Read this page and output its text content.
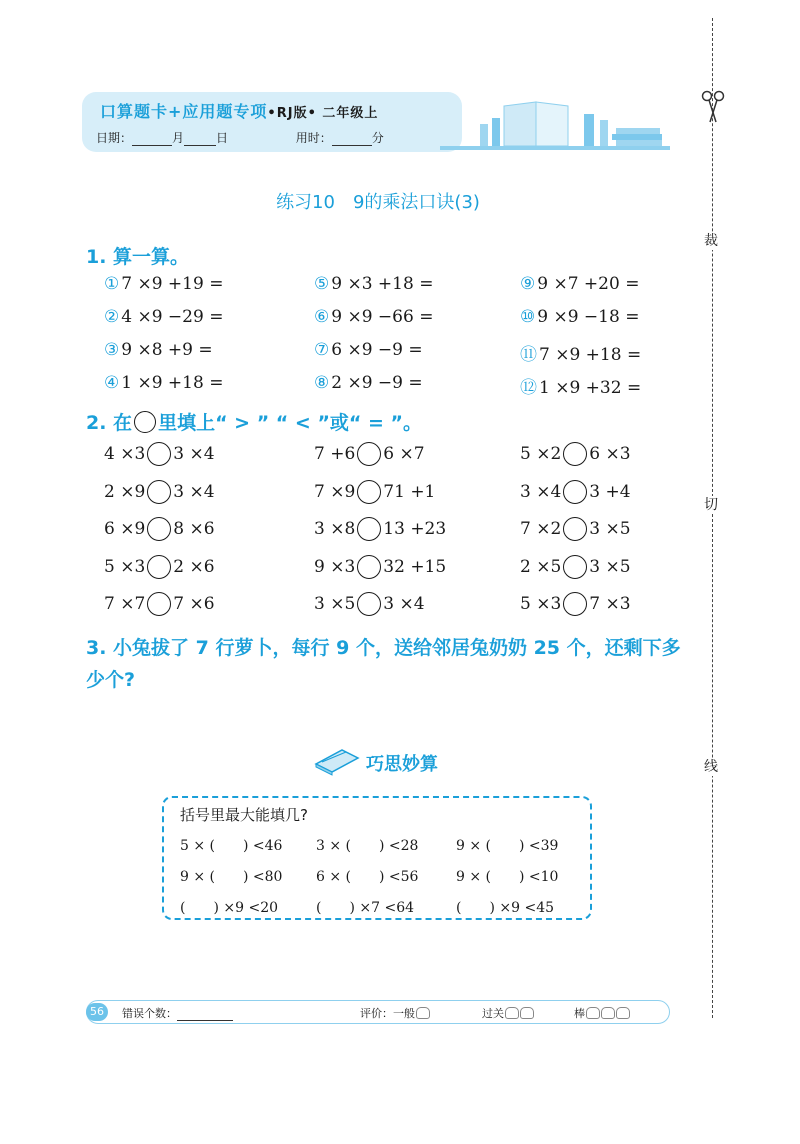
口算题卡+应用题专项•RJ版• 二年级上
日期：	月	日	用时：	分
裁
切
线
练习10　9的乘法口诀(3)
1. 算一算。
① 7 ×9 +19 =	⑤ 9 ×3 +18 =	⑨ 9 ×7 +20 =
② 4 ×9 −29 =	⑥ 9 ×9 −66 =	⑩ 9 ×9 −18 =
③ 9 ×8 +9 =	⑦ 6 ×9 −9 =	⑪ 7 ×9 +18 =
④ 1 ×9 +18 =	⑧ 2 ×9 −9 =	⑫ 1 ×9 +32 =
2. 在 里填上“ > ” “ < ”或“ = ”。
4 ×3 3 ×4	7 +6 6 ×7	5 ×2 6 ×3
2 ×9 3 ×4	7 ×9 71 +1	3 ×4 3 +4
6 ×9 8 ×6	3 ×8 13 +23	7 ×2 3 ×5
5 ×3 2 ×6	9 ×3 32 +15	2 ×5 3 ×5
7 ×7 7 ×6	3 ×5 3 ×4	5 ×3 7 ×3
3. 小兔拔了 7 行萝卜，每行 9 个，送给邻居兔奶奶 25 个，还剩下多少个?
巧思妙算
括号里最大能填几?
5 × (　　) <46 3 × (　　) <28	9 × (　　) <39
9 × (　　) <80 6 × (　　) <56	9 × (　　) <10
(　　) ×9 <20	(　　) ×7 <64	(　　) ×9 <45
56	错误个数：	评价：一般	过关	棒
